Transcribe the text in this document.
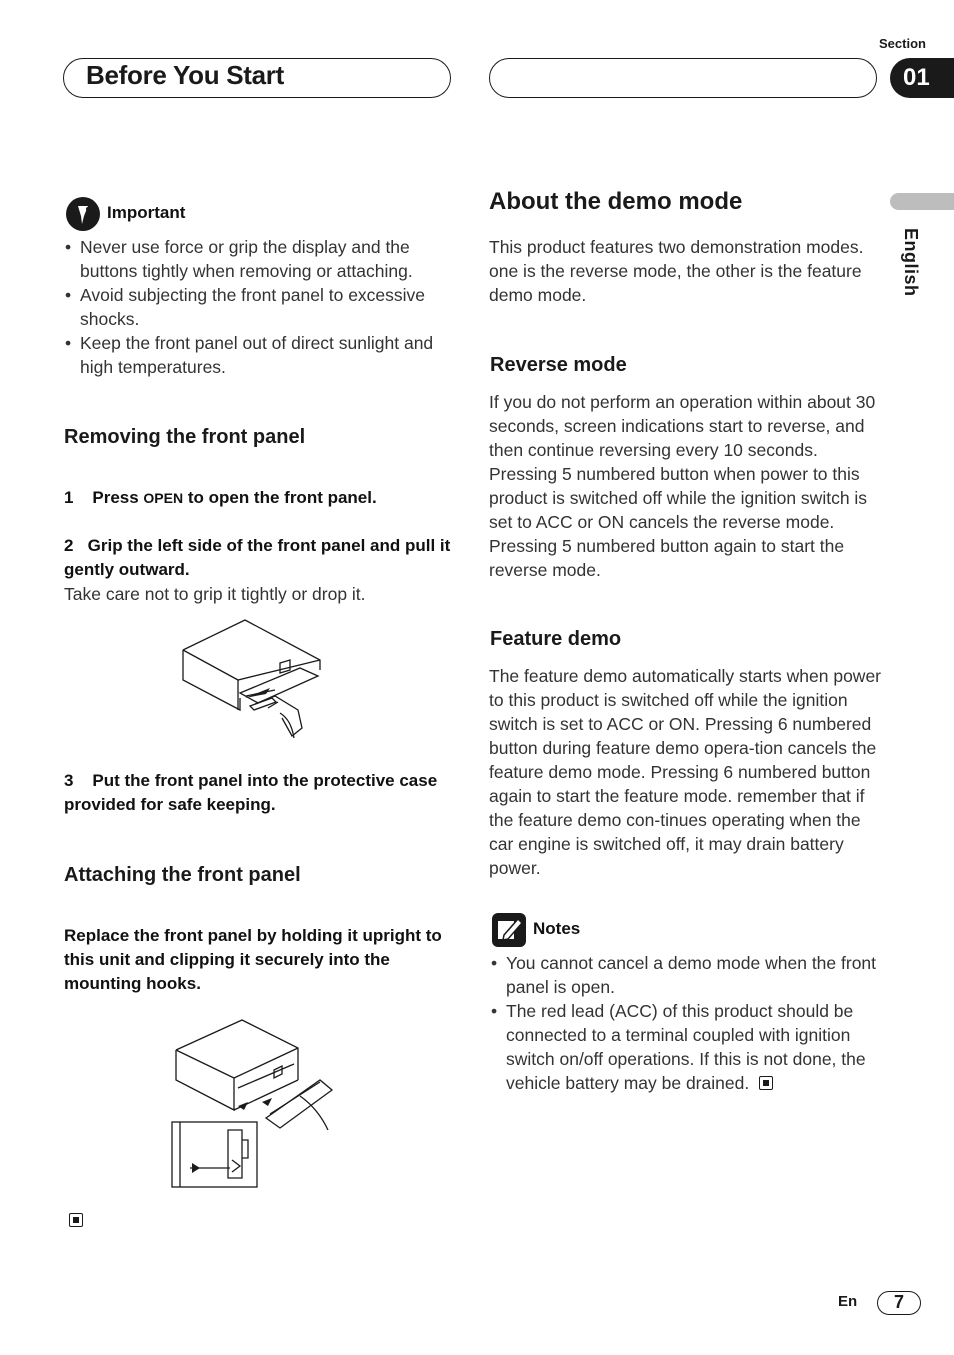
Before You Start
Section
01
English
Important
• Never use force or grip the display and the buttons tightly when removing or attaching.
• Avoid subjecting the front panel to excessive shocks.
• Keep the front panel out of direct sunlight and high temperatures.
Removing the front panel
1 Press OPEN to open the front panel.
2 Grip the left side of the front panel and pull it gently outward.
Take care not to grip it tightly or drop it.
3 Put the front panel into the protective case provided for safe keeping.
Attaching the front panel
Replace the front panel by holding it upright to this unit and clipping it securely into the mounting hooks.
About the demo mode
This product features two demonstration modes. one is the reverse mode, the other is the feature demo mode.
Reverse mode
If you do not perform an operation within about 30 seconds, screen indications start to reverse, and then continue reversing every 10 seconds. Pressing 5 numbered button when power to this product is switched off while the ignition switch is set to ACC or ON cancels the reverse mode. Pressing 5 numbered button again to start the reverse mode.
Feature demo
The feature demo automatically starts when power to this product is switched off while the ignition switch is set to ACC or ON. Pressing 6 numbered button during feature demo opera-tion cancels the feature demo mode. Pressing 6 numbered button again to start the feature mode. remember that if the feature demo con-tinues operating when the car engine is switched off, it may drain battery power.
Notes
• You cannot cancel a demo mode when the front panel is open.
• The red lead (ACC) of this product should be connected to a terminal coupled with ignition switch on/off operations. If this is not done, the vehicle battery may be drained.
En	7
